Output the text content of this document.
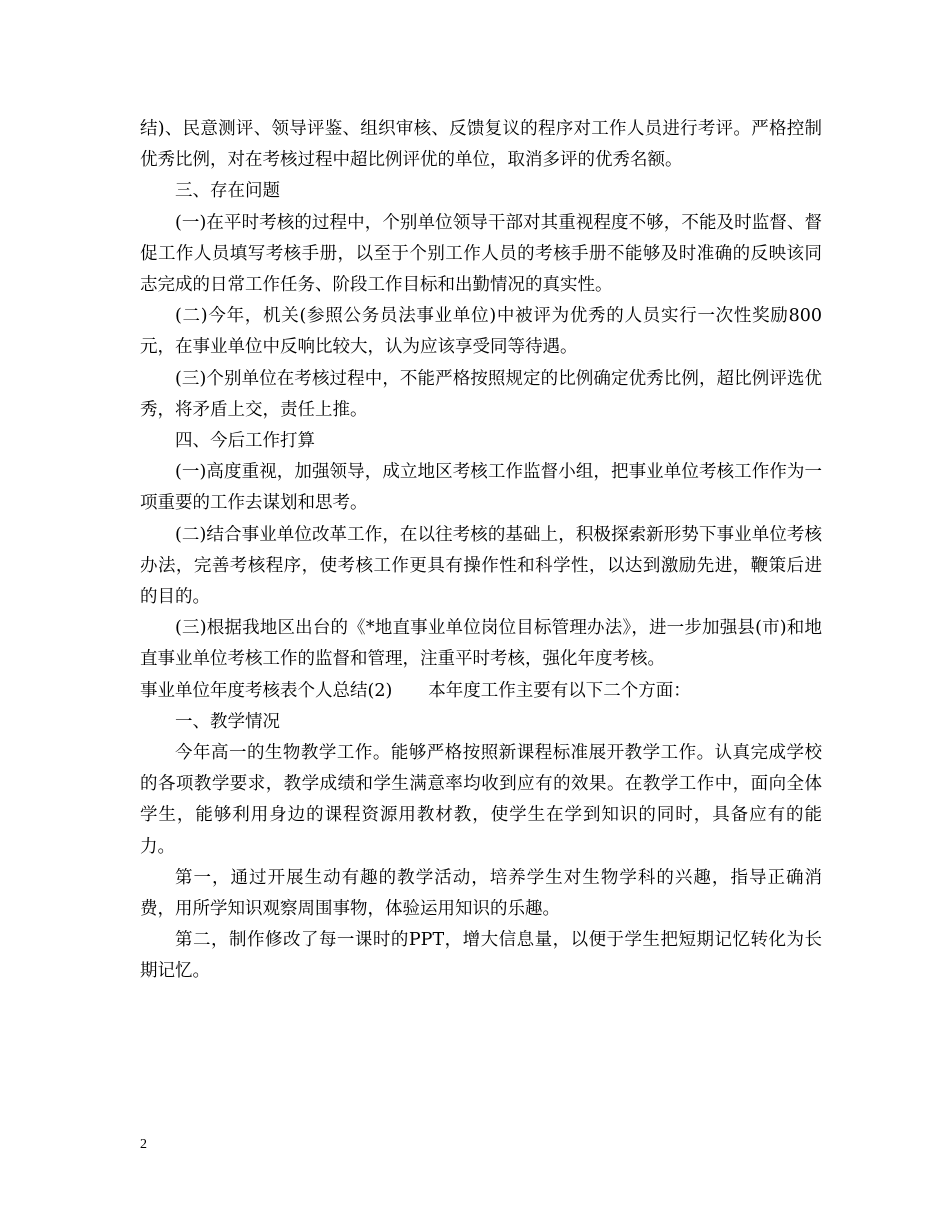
结)、民意测评、领导评鉴、组织审核、反馈复议的程序对工作人员进行考评。严格控制优秀比例，对在考核过程中超比例评优的单位，取消多评的优秀名额。

三、存在问题

(一)在平时考核的过程中，个别单位领导干部对其重视程度不够，不能及时监督、督促工作人员填写考核手册，以至于个别工作人员的考核手册不能够及时准确的反映该同志完成的日常工作任务、阶段工作目标和出勤情况的真实性。

(二)今年，机关(参照公务员法事业单位)中被评为优秀的人员实行一次性奖励800元，在事业单位中反响比较大，认为应该享受同等待遇。

(三)个别单位在考核过程中，不能严格按照规定的比例确定优秀比例，超比例评选优秀，将矛盾上交，责任上推。

四、今后工作打算

(一)高度重视，加强领导，成立地区考核工作监督小组，把事业单位考核工作作为一项重要的工作去谋划和思考。

(二)结合事业单位改革工作，在以往考核的基础上，积极探索新形势下事业单位考核办法，完善考核程序，使考核工作更具有操作性和科学性，以达到激励先进，鞭策后进的目的。

(三)根据我地区出台的《*地直事业单位岗位目标管理办法》，进一步加强县(市)和地直事业单位考核工作的监督和管理，注重平时考核，强化年度考核。

事业单位年度考核表个人总结(2) 本年度工作主要有以下二个方面：

一、教学情况

今年高一的生物教学工作。能够严格按照新课程标准展开教学工作。认真完成学校的各项教学要求，教学成绩和学生满意率均收到应有的效果。在教学工作中，面向全体学生，能够利用身边的课程资源用教材教，使学生在学到知识的同时，具备应有的能力。

第一，通过开展生动有趣的教学活动，培养学生对生物学科的兴趣，指导正确消费，用所学知识观察周围事物，体验运用知识的乐趣。

第二，制作修改了每一课时的PPT，增大信息量，以便于学生把短期记忆转化为长期记忆。

2
